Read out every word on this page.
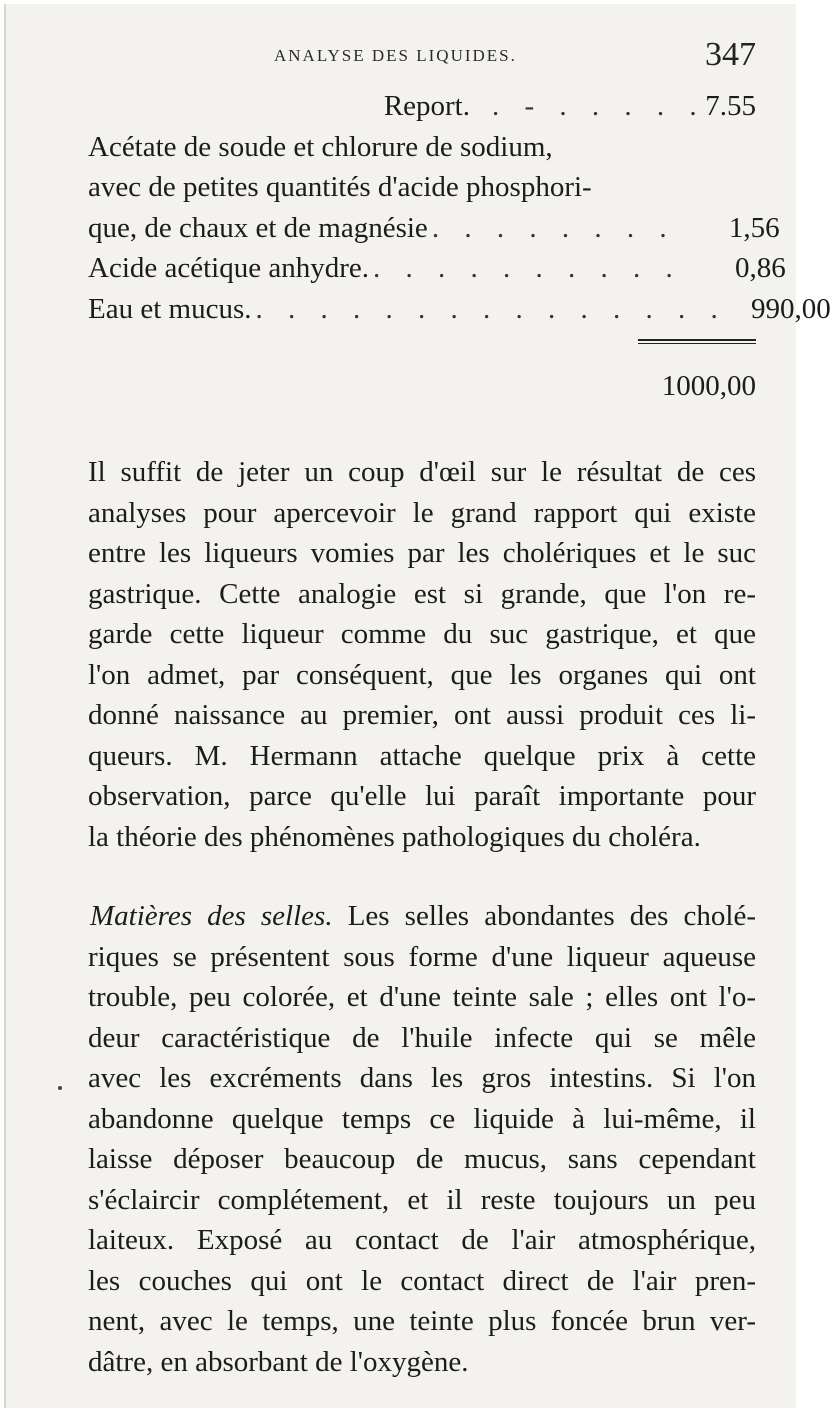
ANALYSE DES LIQUIDES.	347
Report. . - . . . . . 7.55
Acétate de soude et chlorure de sodium,
avec de petites quantités d'acide phosphori-
que, de chaux et de magnésie . . . . . . . .	1,56
Acide acétique anhydre. . . . . . . . . . .	0,86
Eau et mucus. . . . . . . . . . . . . . . . 990,00
1000,00
Il suffit de jeter un coup d'œil sur le résultat de ces
analyses pour apercevoir le grand rapport qui existe
entre les liqueurs vomies par les cholériques et le suc
gastrique. Cette analogie est si grande, que l'on re-
garde cette liqueur comme du suc gastrique, et que
l'on admet, par conséquent, que les organes qui ont
donné naissance au premier, ont aussi produit ces li-
queurs. M. Hermann attache quelque prix à cette
observation, parce qu'elle lui paraît importante pour
la théorie des phénomènes pathologiques du choléra.
Matières des selles. Les selles abondantes des cholé-
riques se présentent sous forme d'une liqueur aqueuse
trouble, peu colorée, et d'une teinte sale ; elles ont l'o-
deur caractéristique de l'huile infecte qui se mêle
avec les excréments dans les gros intestins. Si l'on
abandonne quelque temps ce liquide à lui-même, il
laisse déposer beaucoup de mucus, sans cependant
s'éclaircir complétement, et il reste toujours un peu
laiteux. Exposé au contact de l'air atmosphérique,
les couches qui ont le contact direct de l'air pren-
nent, avec le temps, une teinte plus foncée brun ver-
dâtre, en absorbant de l'oxygène.
